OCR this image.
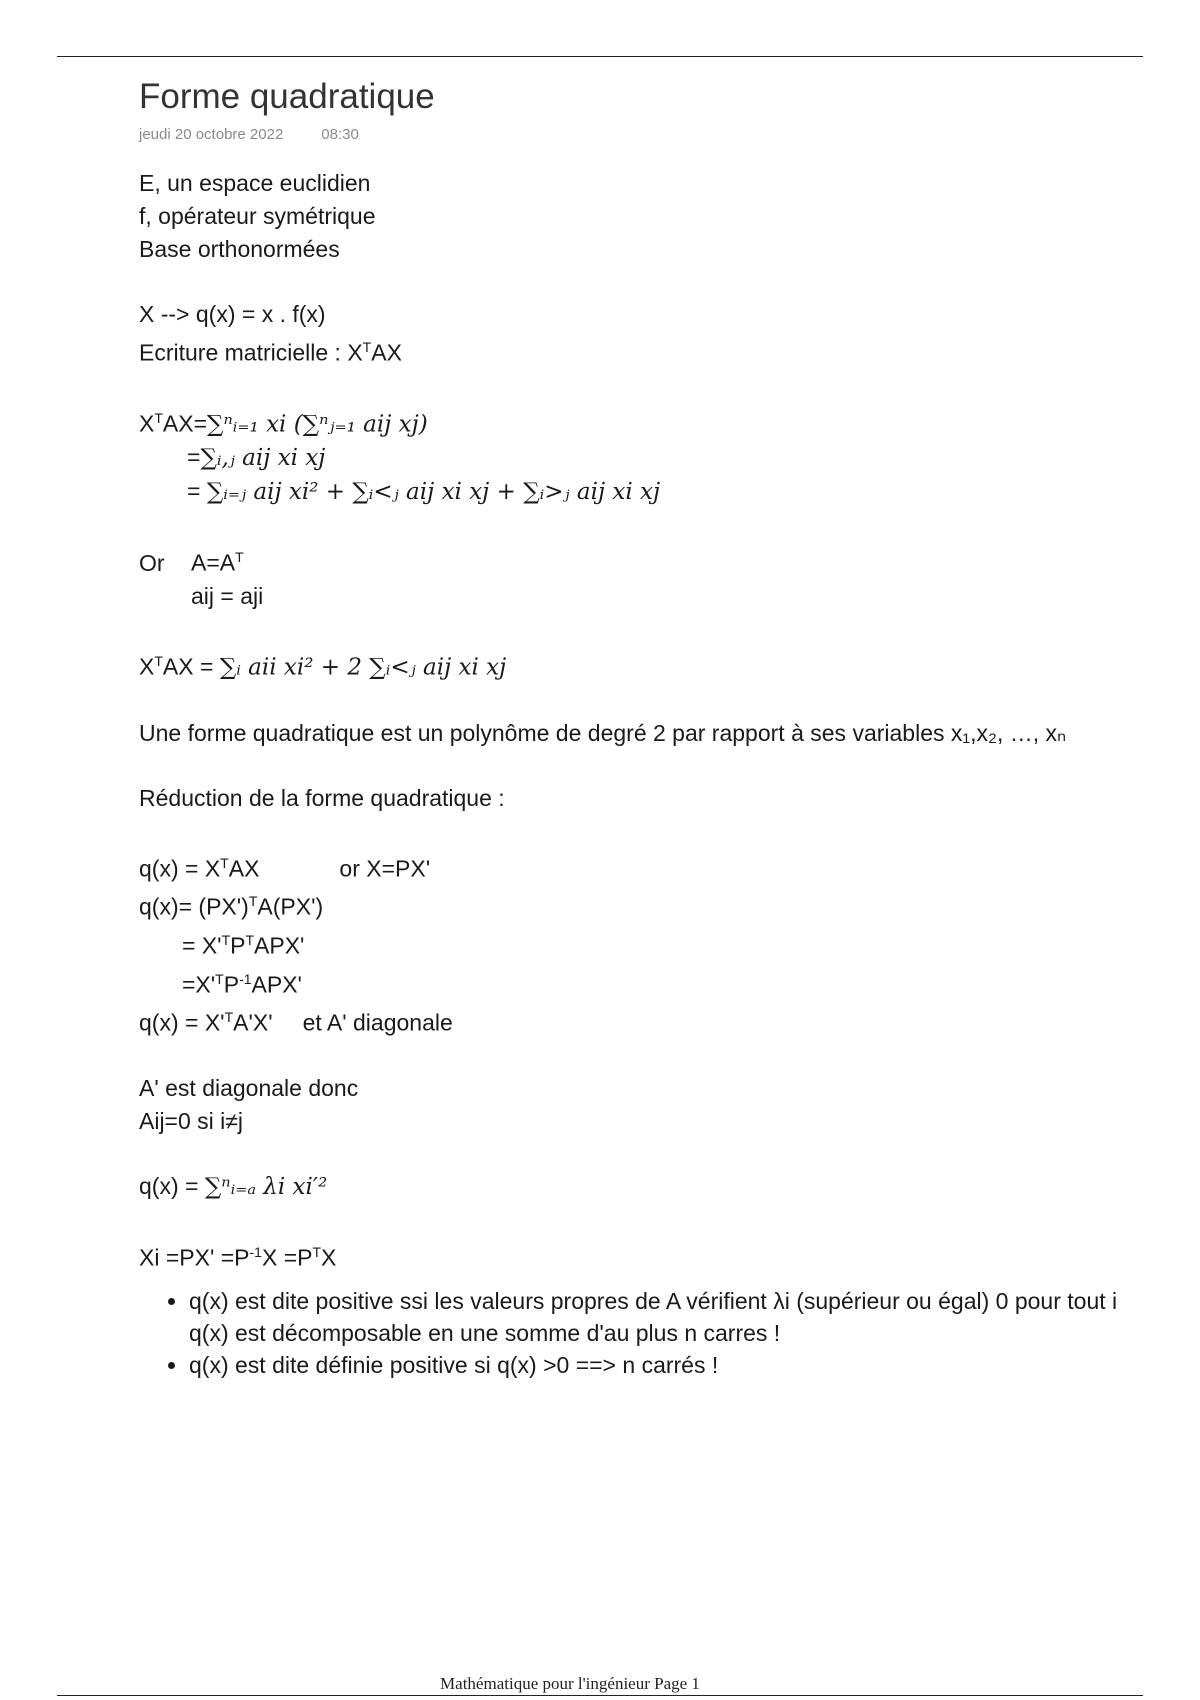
Forme quadratique
jeudi 20 octobre 2022	08:30
E, un espace euclidien
f, opérateur symétrique
Base orthonormées
X --> q(x) = x . f(x)
Ecriture matricielle : $X^TAX$
$X^TAX=\sum^nᵢ_{=1}$ xi (∑ⁿⱼ₌₁ aij xj)
=∑ᵢ,ⱼ aij xi xj
= ∑ᵢ₌ⱼ aij xi² + ∑ᵢ<ⱼ aij xi xj + ∑ᵢ>ⱼ aij xi xj
Or $A=A^T$
aij = aji
$X^TAX$ = ∑ᵢ aii xi² + 2 ∑ᵢ<ⱼ aij xi xj
Une forme quadratique est un polynôme de degré 2 par rapport à ses variables x₁,x₂, …, xₙ
Réduction de la forme quadratique :
$q(x) = X^TAX$	or X=PX'
$q(x)= (PX')^TA(PX')$
= $X'^TP^TAPX'$
$=X'^TP^{-1}APX'$
$q(x) = X'^TA'X'$ et A' diagonale
A' est diagonale donc
Aij=0 si i≠j
q(x) = ∑ⁿᵢ₌ₐ λi xi′²
$Xi =PX' =P^{-1}X =P^TX$
• q(x) est dite positive ssi les valeurs propres de A vérifient λi (supérieur ou égal) 0 pour tout i
q(x) est décomposable en une somme d'au plus n carres !
• q(x) est dite définie positive si q(x) >0 ==> n carrés !
Mathématique pour l'ingénieur Page 1
